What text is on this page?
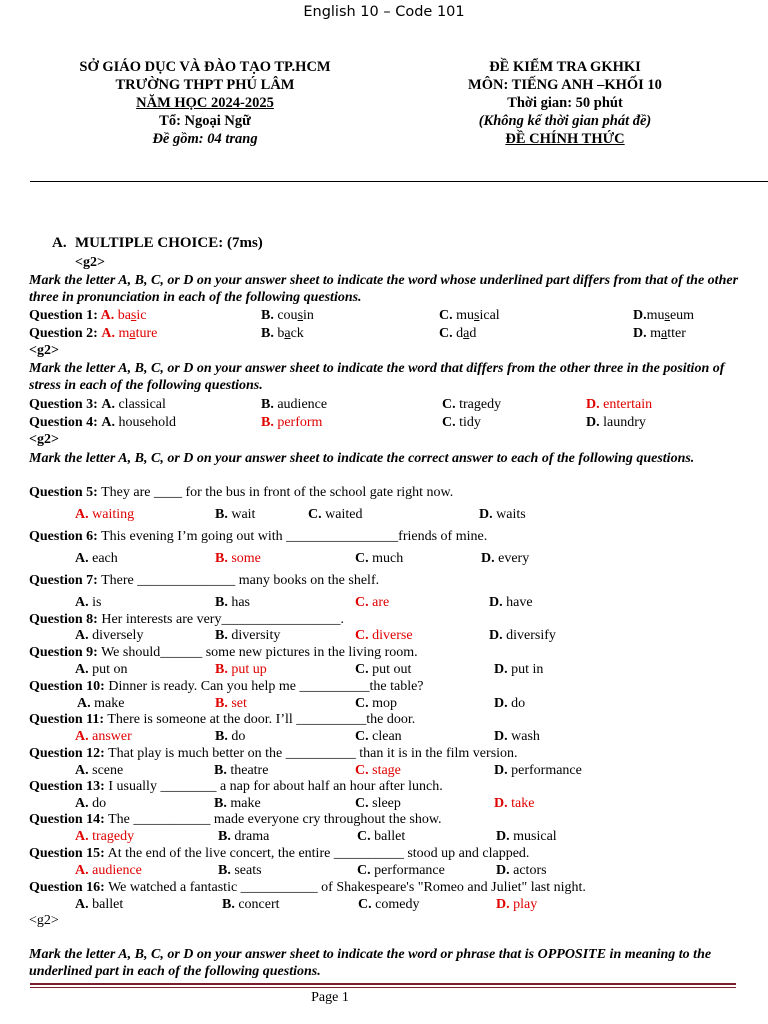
English 10 – Code 101
SỞ GIÁO DỤC VÀ ĐÀO TẠO TP.HCM
TRƯỜNG THPT PHÚ LÂM
NĂM HỌC 2024-2025
Tổ: Ngoại Ngữ
Đề gồm: 04 trang
ĐỀ KIỂM TRA GKHKI
MÔN: TIẾNG ANH –KHỐI 10
Thời gian: 50 phút
(Không kể thời gian phát đề)
ĐỀ CHÍNH THỨC
A. MULTIPLE CHOICE: (7ms)
<g2>
Mark the letter A, B, C, or D on your answer sheet to indicate the word whose underlined part differs from that of the other three in pronunciation in each of the following questions.
Question 1: A. basic	B. cousin	C. musical	D.museum
Question 2: A. mature	B. back	C. dad	D. matter
<g2>
Mark the letter A, B, C, or D on your answer sheet to indicate the word that differs from the other three in the position of stress in each of the following questions.
Question 3: A. classical	B. audience	C. tragedy	D. entertain
Question 4: A. household	B. perform	C. tidy	D. laundry
<g2>
Mark the letter A, B, C, or D on your answer sheet to indicate the correct answer to each of the following questions.
Question 5: They are ____ for the bus in front of the school gate right now.
A. waiting	B. wait	C. waited	D. waits
Question 6: This evening I’m going out with ________________friends of mine.
A. each	B. some	C. much	D. every
Question 7: There ______________ many books on the shelf.
A. is	B. has	C. are	D. have
Question 8: Her interests are very_________________.
A. diversely	B. diversity	C. diverse	D. diversify
Question 9: We should______ some new pictures in the living room.
A. put on	B. put up	C. put out	D. put in
Question 10: Dinner is ready. Can you help me __________the table?
A. make	B. set	C. mop	D. do
Question 11: There is someone at the door. I’ll __________the door.
A. answer	B. do	C. clean	D. wash
Question 12: That play is much better on the __________ than it is in the film version.
A. scene	B. theatre	C. stage	D. performance
Question 13: I usually ________ a nap for about half an hour after lunch.
A. do	B. make	C. sleep	D. take
Question 14: The ___________ made everyone cry throughout the show.
A. tragedy	B. drama	C. ballet	D. musical
Question 15: At the end of the live concert, the entire __________ stood up and clapped.
A. audience	B. seats	C. performance	D. actors
Question 16: We watched a fantastic ___________ of Shakespeare's "Romeo and Juliet" last night.
A. ballet	B. concert	C. comedy	D. play
<g2>
Mark the letter A, B, C, or D on your answer sheet to indicate the word or phrase that is OPPOSITE in meaning to the underlined part in each of the following questions.
Page 1
